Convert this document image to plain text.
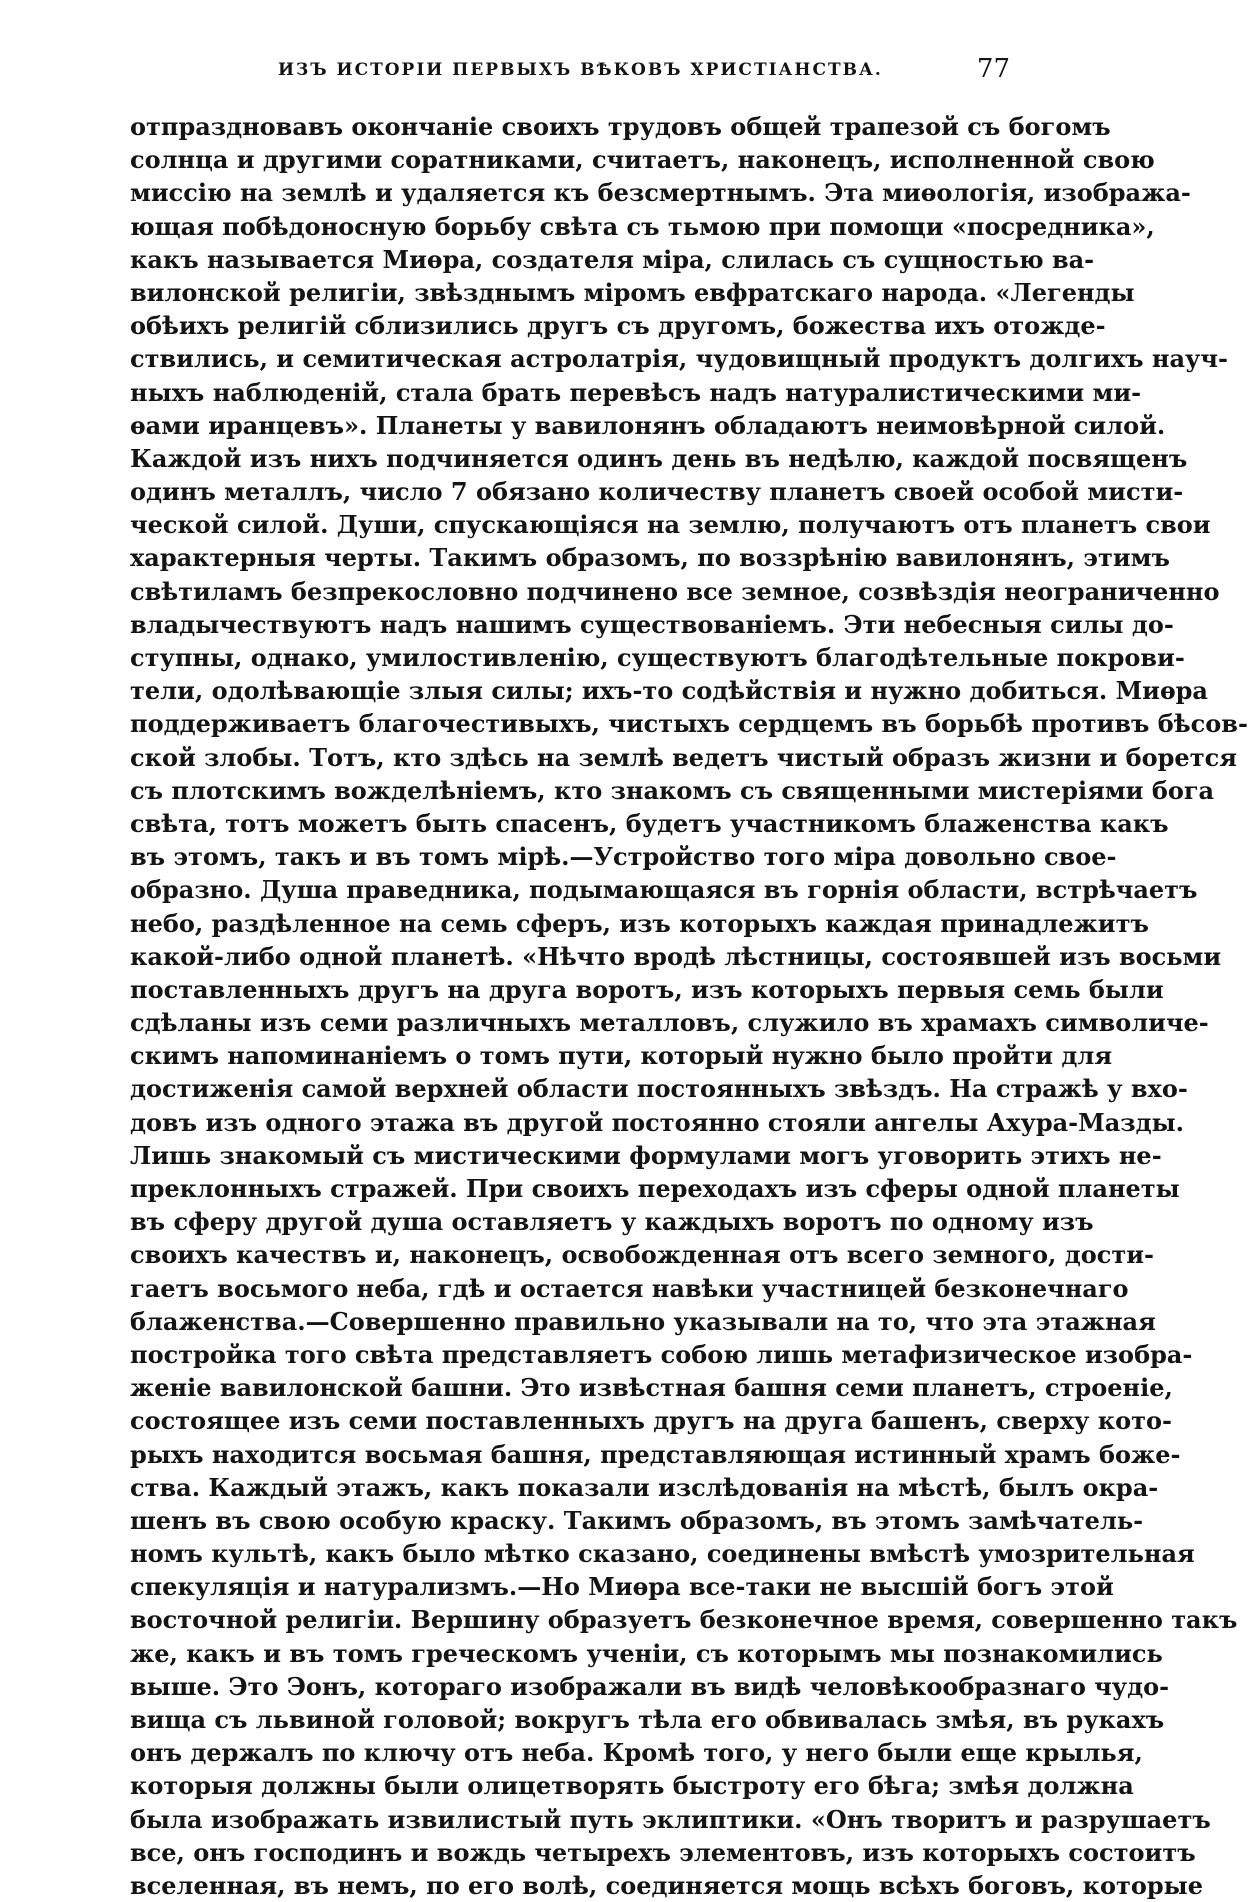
ИЗЪ ИСТОРІИ ПЕРВЫХЪ ВѢКОВЪ ХРИСТІАНСТВА.	77
отпраздновавъ окончаніе своихъ трудовъ общей трапезой съ богомъ
солнца и другими соратниками, считаетъ, наконецъ, исполненной свою
миссію на землѣ и удаляется къ безсмертнымъ. Эта миѳологія, изобража-
ющая побѣдоносную борьбу свѣта съ тьмою при помощи «посредника»,
какъ называется Миѳра, создателя міра, слилась съ сущностью ва-
вилонской религіи, звѣзднымъ міромъ евфратскаго народа. «Легенды
обѣихъ религій сблизились другъ съ другомъ, божества ихъ отожде-
ствились, и семитическая астролатрія, чудовищный продуктъ долгихъ науч-
ныхъ наблюденій, стала брать перевѣсъ надъ натуралистическими ми-
ѳами иранцевъ». Планеты у вавилонянъ обладаютъ неимовѣрной силой.
Каждой изъ нихъ подчиняется одинъ день въ недѣлю, каждой посвященъ
одинъ металлъ, число 7 обязано количеству планетъ своей особой мисти-
ческой силой. Души, спускающіяся на землю, получаютъ отъ планетъ свои
характерныя черты. Такимъ образомъ, по воззрѣнію вавилонянъ, этимъ
свѣтиламъ безпрекословно подчинено все земное, созвѣздія неограниченно
владычествуютъ надъ нашимъ существованіемъ. Эти небесныя силы до-
ступны, однако, умилостивленію, существуютъ благодѣтельные покрови-
тели, одолѣвающіе злыя силы; ихъ-то содѣйствія и нужно добиться. Миѳра
поддерживаетъ благочестивыхъ, чистыхъ сердцемъ въ борьбѣ противъ бѣсов-
ской злобы. Тотъ, кто здѣсь на землѣ ведетъ чистый образъ жизни и борется
съ плотскимъ вожделѣніемъ, кто знакомъ съ священными мистеріями бога
свѣта, тотъ можетъ быть спасенъ, будетъ участникомъ блаженства какъ
въ этомъ, такъ и въ томъ мірѣ.—Устройство того міра довольно свое-
образно. Душа праведника, подымающаяся въ горнія области, встрѣчаетъ
небо, раздѣленное на семь сферъ, изъ которыхъ каждая принадлежитъ
какой-либо одной планетѣ. «Нѣчто вродѣ лѣстницы, состоявшей изъ восьми
поставленныхъ другъ на друга воротъ, изъ которыхъ первыя семь были
сдѣланы изъ семи различныхъ металловъ, служило въ храмахъ символиче-
скимъ напоминаніемъ о томъ пути, который нужно было пройти для
достиженія самой верхней области постоянныхъ звѣздъ. На стражѣ у вхо-
довъ изъ одного этажа въ другой постоянно стояли ангелы Ахура-Мазды.
Лишь знакомый съ мистическими формулами могъ уговорить этихъ не-
преклонныхъ стражей. При своихъ переходахъ изъ сферы одной планеты
въ сферу другой душа оставляетъ у каждыхъ воротъ по одному изъ
своихъ качествъ и, наконецъ, освобожденная отъ всего земного, дости-
гаетъ восьмого неба, гдѣ и остается навѣки участницей безконечнаго
блаженства.—Совершенно правильно указывали на то, что эта этажная
постройка того свѣта представляетъ собою лишь метафизическое изобра-
женіе вавилонской башни. Это извѣстная башня семи планетъ, строеніе,
состоящее изъ семи поставленныхъ другъ на друга башенъ, сверху кото-
рыхъ находится восьмая башня, представляющая истинный храмъ боже-
ства. Каждый этажъ, какъ показали изслѣдованія на мѣстѣ, былъ окра-
шенъ въ свою особую краску. Такимъ образомъ, въ этомъ замѣчатель-
номъ культѣ, какъ было мѣтко сказано, соединены вмѣстѣ умозрительная
спекуляція и натурализмъ.—Но Миѳра все-таки не высшій богъ этой
восточной религіи. Вершину образуетъ безконечное время, совершенно такъ
же, какъ и въ томъ греческомъ ученіи, съ которымъ мы познакомились
выше. Это Эонъ, котораго изображали въ видѣ человѣкообразнаго чудо-
вища съ львиной головой; вокругъ тѣла его обвивалась змѣя, въ рукахъ
онъ держалъ по ключу отъ неба. Кромѣ того, у него были еще крылья,
которыя должны были олицетворять быстроту его бѣга; змѣя должна
была изображать извилистый путь эклиптики. «Онъ творитъ и разрушаетъ
все, онъ господинъ и вождь четырехъ элементовъ, изъ которыхъ состоитъ
вселенная, въ немъ, по его волѣ, соединяется мощь всѣхъ боговъ, которые
